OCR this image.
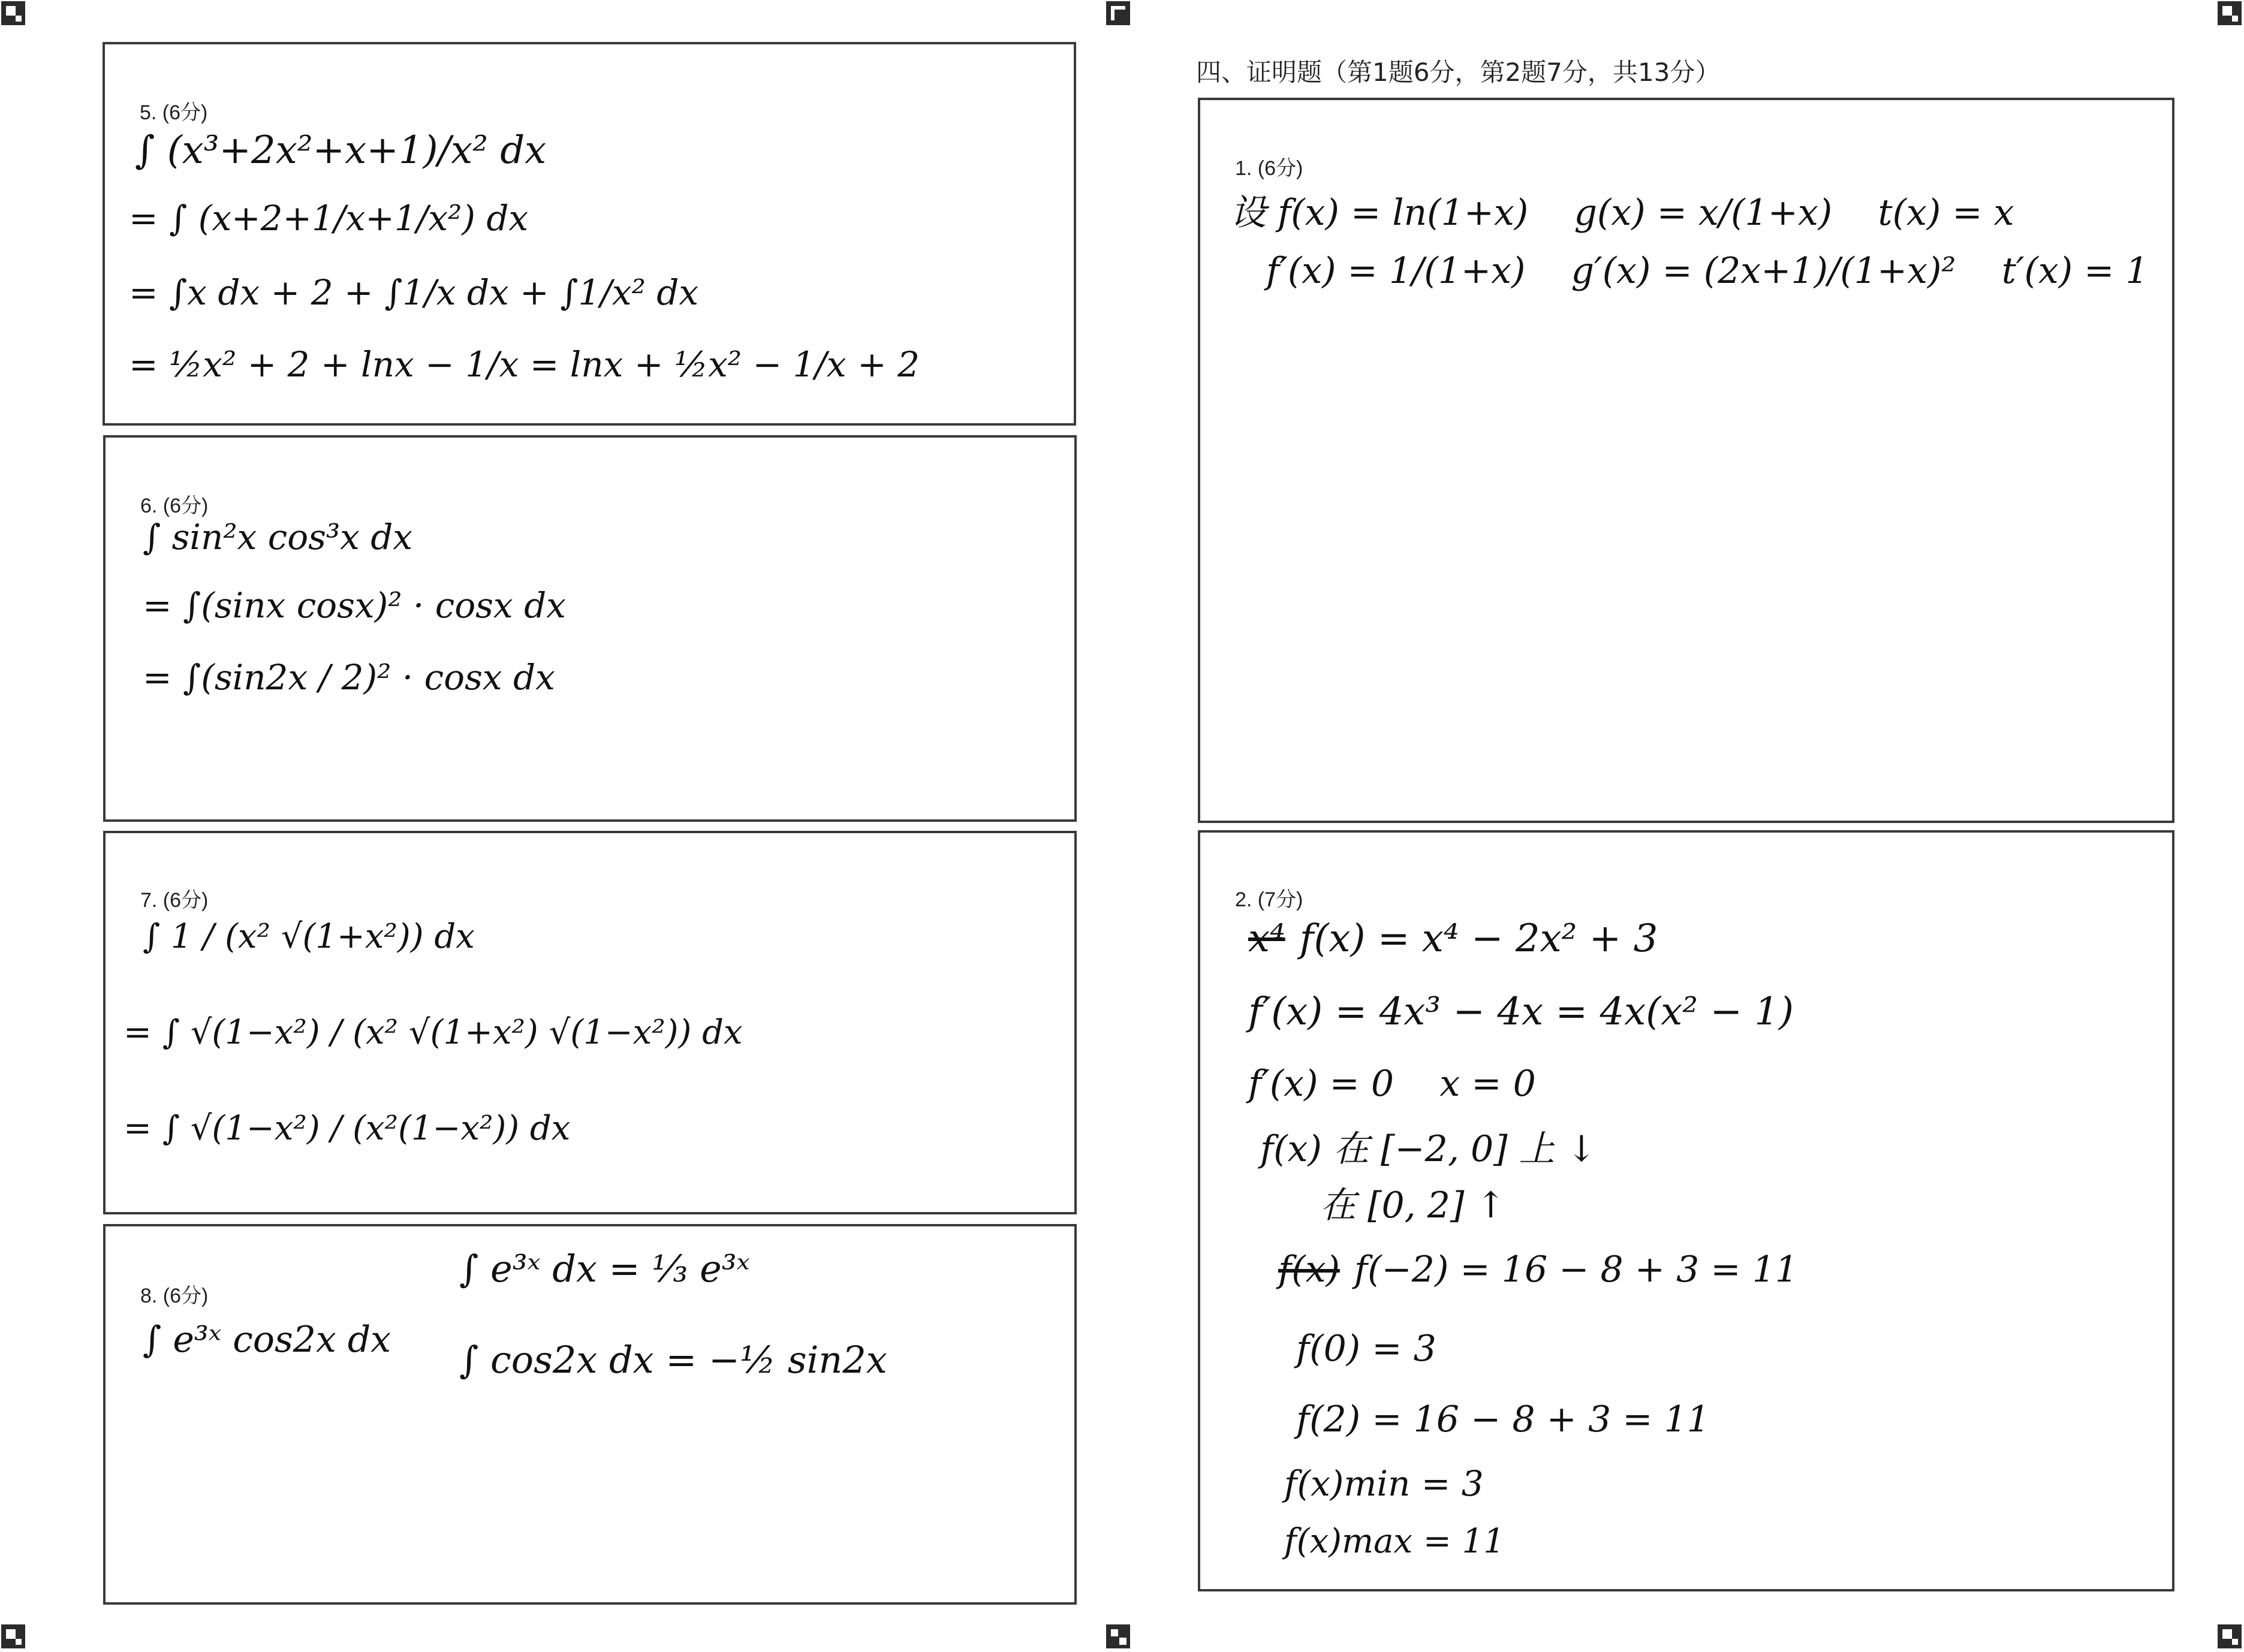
5. (6分)
∫ (x³+2x²+x+1)/x² dx
= ∫ (x+2+1/x+1/x²) dx
= ∫x dx + 2 + ∫1/x dx + ∫1/x² dx
= ½x² + 2 + lnx − 1/x = lnx + ½x² − 1/x + 2
6. (6分)
∫ sin²x cos³x dx
= ∫(sinx cosx)² · cosx dx
= ∫(sin2x / 2)² · cosx dx
7. (6分)
∫ 1 / (x² √(1+x²)) dx
= ∫ √(1−x²) / (x² √(1+x²) √(1−x²)) dx
= ∫ √(1−x²) / (x²(1−x²)) dx
8. (6分)
∫ e³ˣ cos2x dx
∫ e³ˣ dx = ⅓ e³ˣ
∫ cos2x dx = −½ sin2x
四、证明题（第1题6分，第2题7分，共13分）
1. (6分)
设 f(x) = ln(1+x)    g(x) = x/(1+x)    t(x) = x
f′(x) = 1/(1+x)    g′(x) = (2x+1)/(1+x)²    t′(x) = 1
2. (7分)
x⁴ f(x) = x⁴ − 2x² + 3
f′(x) = 4x³ − 4x = 4x(x² − 1)
f′(x) = 0    x = 0
f(x) 在 [−2, 0] 上 ↓
在 [0, 2] ↑
f(x) f(−2) = 16 − 8 + 3 = 11
f(0) = 3
f(2) = 16 − 8 + 3 = 11
f(x)min = 3
f(x)max = 11
